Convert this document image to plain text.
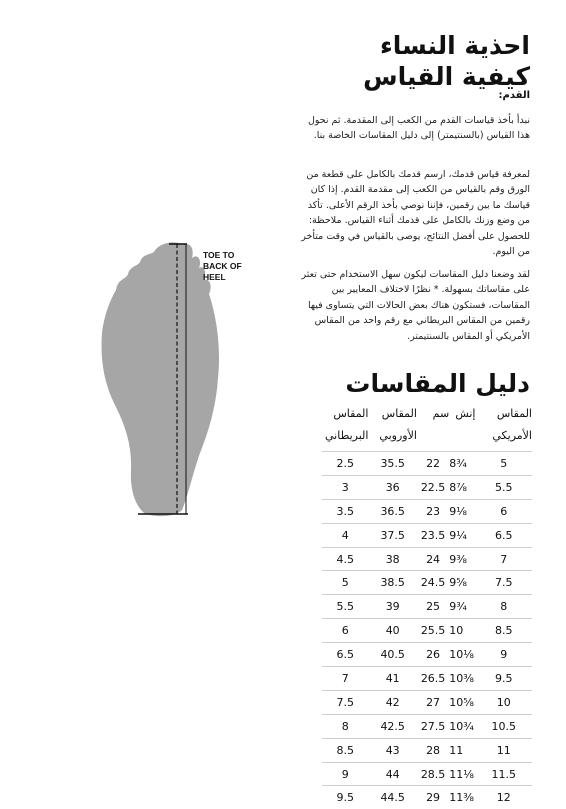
احذية النساء
كيفية القياس
القدم:

نبدأ بأخذ قياسات القدم من الكعب إلى المقدمة. ثم نحول هذا القياس (بالسنتيمتر) إلى دليل المقاسات الخاصة بنا.

لمعرفة قياس قدمك، ارسم قدمك بالكامل على قطعة من الورق وقم بالقياس من الكعب إلى مقدمة القدم. إذا كان قياسك ما بين رقمين، فإننا نوصي بأخذ الرقم الأعلى. تأكد من وضع وزنك بالكامل على قدمك أثناء القياس. ملاحظة: للحصول على أفضل النتائج، يوصى بالقياس في وقت متأخر من اليوم.

لقد وضعنا دليل المقاسات ليكون سهل الاستخدام حتى تعثر على مقاساتك بسهولة. * نظرًا لاختلاف المعايير بين المقاسات، فستكون هناك بعض الحالات التي يتساوى فيها رقمين من المقاس البريطاني مع رقم واحد من المقاس الأمريكي أو المقاس بالسنتيمتر.

TOE TO
BACK OF
HEEL
دليل المقاسات
المقاس الأمريكي	إنش	سم	المقاس الأوروبي	المقاس البريطاني
5	8¾	22	35.5	2.5
5.5	8⅞	22.5	36	3
6	9⅛	23	36.5	3.5
6.5	9¼	23.5	37.5	4
7	9⅜	24	38	4.5
7.5	9⅝	24.5	38.5	5
8	9¾	25	39	5.5
8.5	10	25.5	40	6
9	10⅛	26	40.5	6.5
9.5	10⅜	26.5	41	7
10	10⅝	27	42	7.5
10.5	10¾	27.5	42.5	8
11	11	28	43	8.5
11.5	11⅛	28.5	44	9
12	11⅜	29	44.5	9.5
